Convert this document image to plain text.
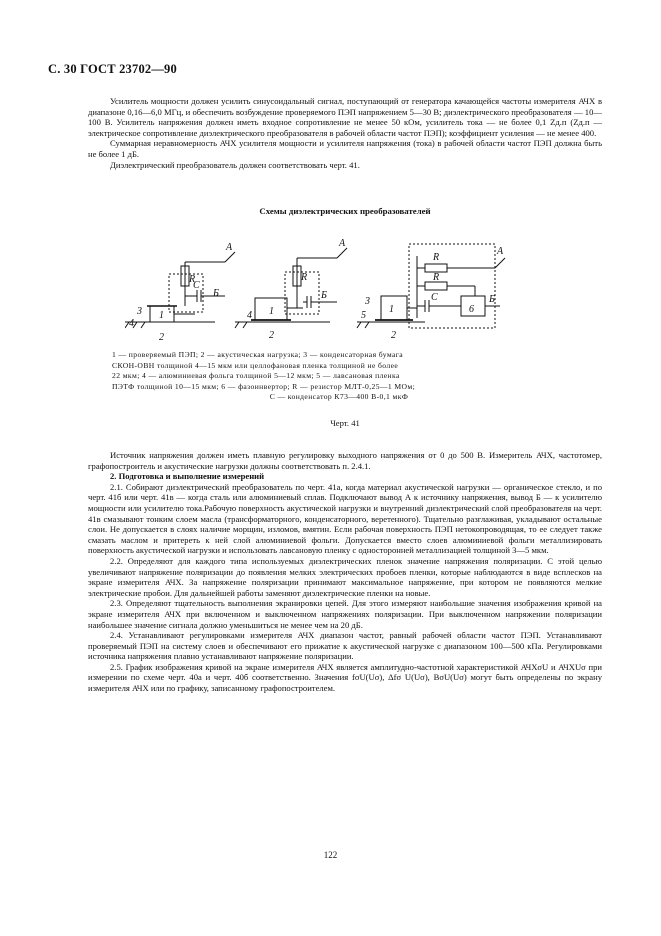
С. 30 ГОСТ 23702—90

Усилитель мощности должен усилить синусоидальный сигнал, поступающий от генератора качающейся частоты измерителя АЧХ в диапазоне 0,16—6,0 МГц, и обеспечить возбуждение проверяемого ПЭП напряжением 5—30 В; диэлектрического преобразователя — 10—100 В. Усилитель напряжения должен иметь входное сопротивление не менее 50 кОм, усилитель тока — не более 0,1 Zд.п (Zд.п — электрическое сопротивление диэлектрического преобразователя в рабочей области частот ПЭП); коэффициент усиления — не менее 400.

Суммарная неравномерность АЧХ усилителя мощности и усилителя напряжения (тока) в рабочей области частот ПЭП должна быть не более 1 дБ.

Диэлектрический преобразователь должен соответствовать черт. 41.

Схемы диэлектрических преобразователей
А
Б
R
C
1
3
4
2
А
Б
R
1
4
2
А
Б
R
R
C
6
1
3
5
2
1 — проверяемый ПЭП; 2 — акустическая нагрузка; 3 — конденсаторная бумага
СКОН-ОВН толщиной 4—15 мкм или целлофановая пленка толщиной не более
22 мкм; 4 — алюминиевая фольга толщиной 5—12 мкм; 5 — лавсановая пленка
ПЭТФ толщиной 10—15 мкм; 6 — фазоинвертор; R — резистор МЛТ-0,25—1 МОм;
C — конденсатор К73—400 В-0,1 мкФ
Черт. 41

Источник напряжения должен иметь плавную регулировку выходного напряжения от 0 до 500 В. Измеритель АЧХ, частотомер, графопостроитель и акустические нагрузки должны соответствовать п. 2.4.1.

2. Подготовка и выполнение измерений

2.1. Собирают диэлектрический преобразователь по черт. 41а, когда материал акустической нагрузки — органическое стекло, и по черт. 41б или черт. 41в — когда сталь или алюминиевый сплав. Подключают вывод А к источнику напряжения, вывод Б — к усилителю мощности или усилителю тока.Рабочую поверхность акустической нагрузки и внутренний диэлектрический слой преобразователя на черт. 41в смазывают тонким слоем масла (трансформаторного, конденсаторного, веретенного). Тщательно разглаживая, укладывают остальные слои. Не допускается в слоях наличие морщин, изломов, вмятин. Если рабочая поверхность ПЭП нетокопроводящая, то ее следует также смазать маслом и притереть к ней слой алюминиевой фольги. Допускается вместо слоев алюминиевой фольги металлизировать поверхность акустической нагрузки и использовать лавсановую пленку с односторонней металлизацией толщиной 3—5 мкм.

2.2. Определяют для каждого типа используемых диэлектрических пленок значение напряжения поляризации. С этой целью увеличивают напряжение поляризации до появления мелких электрических пробоев пленки, которые наблюдаются в виде всплесков на экране измерителя АЧХ. За напряжение поляризации принимают максимальное напряжение, при котором не появляются мелкие электрические пробои. Для дальнейшей работы заменяют диэлектрические пленки на новые.

2.3. Определяют тщательность выполнения экранировки цепей. Для этого измеряют наибольшие значения изображения кривой на экране измерителя АЧХ при включенном и выключенном напряжениях поляризации. При выключенном напряжении поляризации наибольшее значение сигнала должно уменьшиться не менее чем на 20 дБ.

2.4. Устанавливают регулировками измерителя АЧХ диапазон частот, равный рабочей области частот ПЭП. Устанавливают проверяемый ПЭП на систему слоев и обеспечивают его прижатие к акустической нагрузке с диапазоном 100—500 кПа. Регулировками источника напряжения плавно устанавливают напряжение поляризации.

2.5. График изображения кривой на экране измерителя АЧХ является амплитудно-частотной характеристикой АЧХσU и АЧХUσ при измерении по схеме черт. 40а и черт. 40б соответственно. Значения fσU(Uσ), Δfσ U(Uσ), BσU(Uσ) могут быть определены по экрану измерителя АЧХ или по графику, записанному графопостроителем.

122
